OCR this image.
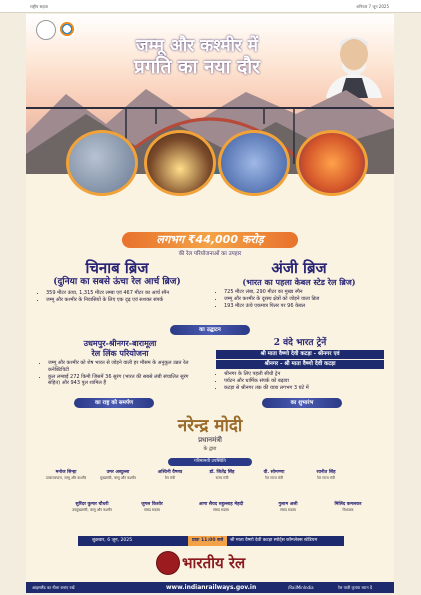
राष्ट्रीय सहारा	शनिवार 7 जून 2025
जम्मू और कश्मीर में
प्रगति का नया दौर
लगभग ₹44,000 करोड़
की रेल परियोजनाओं का उपहार
चिनाब ब्रिज
(दुनिया का सबसे ऊंचा रेल आर्च ब्रिज)
• 359 मीटर ऊंचा, 1,315 मीटर लम्बा एवं 467 मीटर का आर्च स्पैन
• जम्मू और कश्मीर के निवासियों के लिए एक दृढ़ एवं सशक्त संपर्क
अंजी ब्रिज
(भारत का पहला केबल स्टेड रेल ब्रिज)
• 725 मीटर लंबा, 290 मीटर का मुख्य स्पैन
• जम्मू और कश्मीर के दूरस्थ क्षेत्रों को जोड़ने वाला ब्रिज
• 193 मीटर ऊंचे एकमात्र पिलर पर 96 केबल
का उद्घाटन
उधमपुर-श्रीनगर-बारामूला
रेल लिंक परियोजना
• जम्मू और कश्मीर को शेष भारत से जोड़ने वाली हर मौसम के अनुकूल उन्नत रेल कनेक्टिविटी
• कुल लम्बाई 272 किमी जिसमें 36 सुरंग (भारत की सबसे लंबी संचालित सुरंग सहित) और 943 पुल शामिल हैं
2 वंदे भारत ट्रेनें
श्री माता वैष्णो देवी कटड़ा - श्रीनगर एवं
श्रीनगर - श्री माता वैष्णो देवी कटड़ा
• श्रीनगर के लिए पहली सीधी ट्रेन
• पर्यटन और धार्मिक संपर्क को बढ़ावा
• कटड़ा से श्रीनगर तक की यात्रा लगभग 3 घंटे में
का राष्ट्र को समर्पण	का शुभारंभ
नरेन्द्र मोदी
प्रधानमंत्री
के द्वारा
गरिमामयी उपस्थिति
मनोज सिन्हा
उपराज्यपाल, जम्मू और कश्मीर
उमर अब्दुल्ला
मुख्यमंत्री, जम्मू और कश्मीर
अश्विनी वैष्णव
रेल मंत्री
डॉ. जितेंद्र सिंह
राज्य मंत्री
वी. सोमण्णा
रेल राज्य मंत्री
रवनीत सिंह
रेल राज्य मंत्री
सुरिंदर कुमार चौधरी
उपमुख्यमंत्री, जम्मू और कश्मीर
जुगल किशोर
संसद सदस्य
आगा सैयद रुहुल्लाह मेहदी
संसद सदस्य
गुलाम अली
संसद सदस्य
मिलिंद कमलकर
विधायक
शुक्रवार, 6 जून, 2025	प्रातः 11:00 बजे	श्री माता वैष्णो देवी कटड़ा स्पोर्ट्स कॉम्प्लेक्स स्टेडियम
भारतीय रेल
आइसलैंड का नीला बनाए रखें	www.indianrailways.gov.in	/RailMinIndia	रेल यात्री कृपया ध्यान दें
